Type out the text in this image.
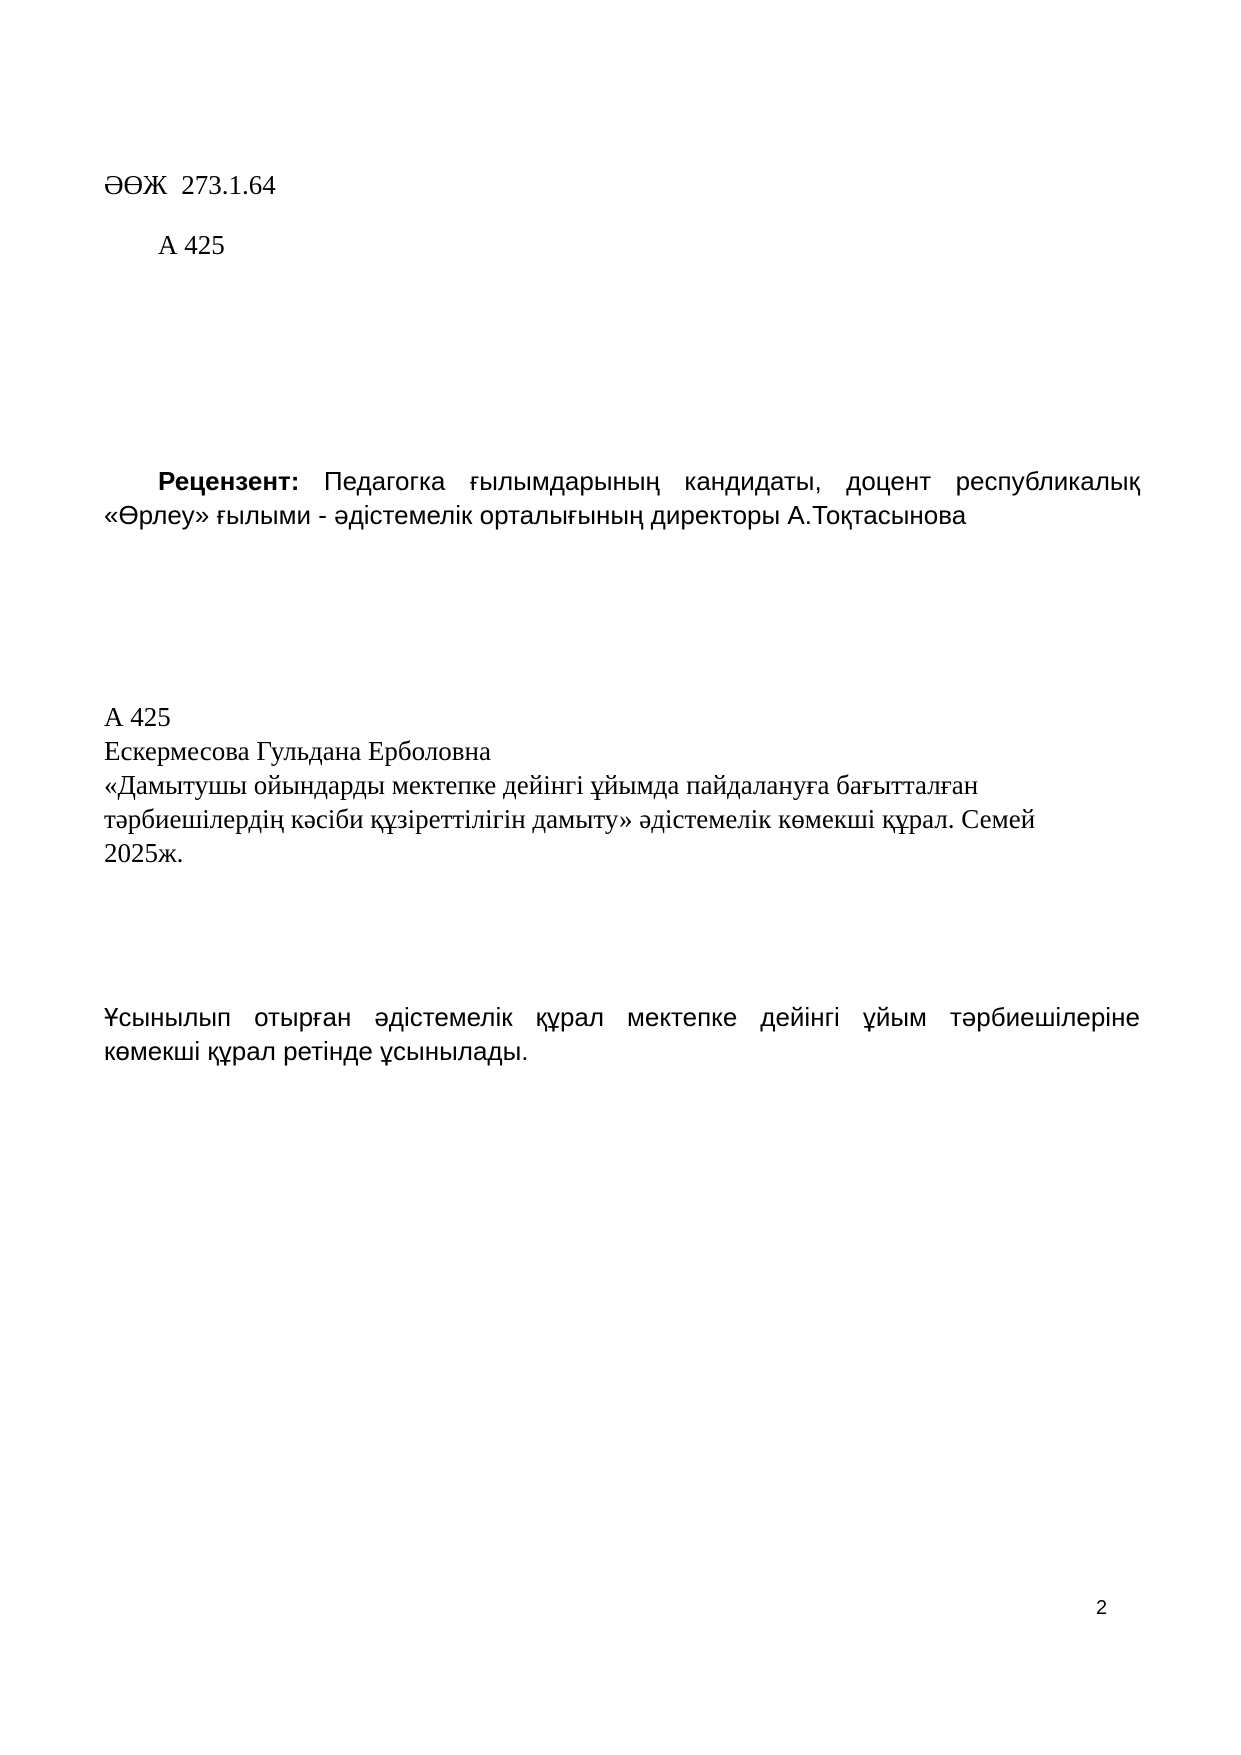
ӘӨЖ 273.1.64
А 425
Рецензент: Педагогка ғылымдарының кандидаты, доцент республикалық
«Өрлеу» ғылыми - әдістемелік орталығының директоры А.Тоқтасынова
А 425
Ескермесова Гульдана Ерболовна
«Дамытушы ойындарды мектепке дейінгі ұйымда пайдалануға бағытталған
тәрбиешілердің кәсіби құзіреттілігін дамыту» әдістемелік көмекші құрал. Семей
2025ж.
Ұсынылып отырған әдістемелік құрал мектепке дейінгі ұйым тәрбиешілеріне
көмекші құрал ретінде ұсынылады.
2
